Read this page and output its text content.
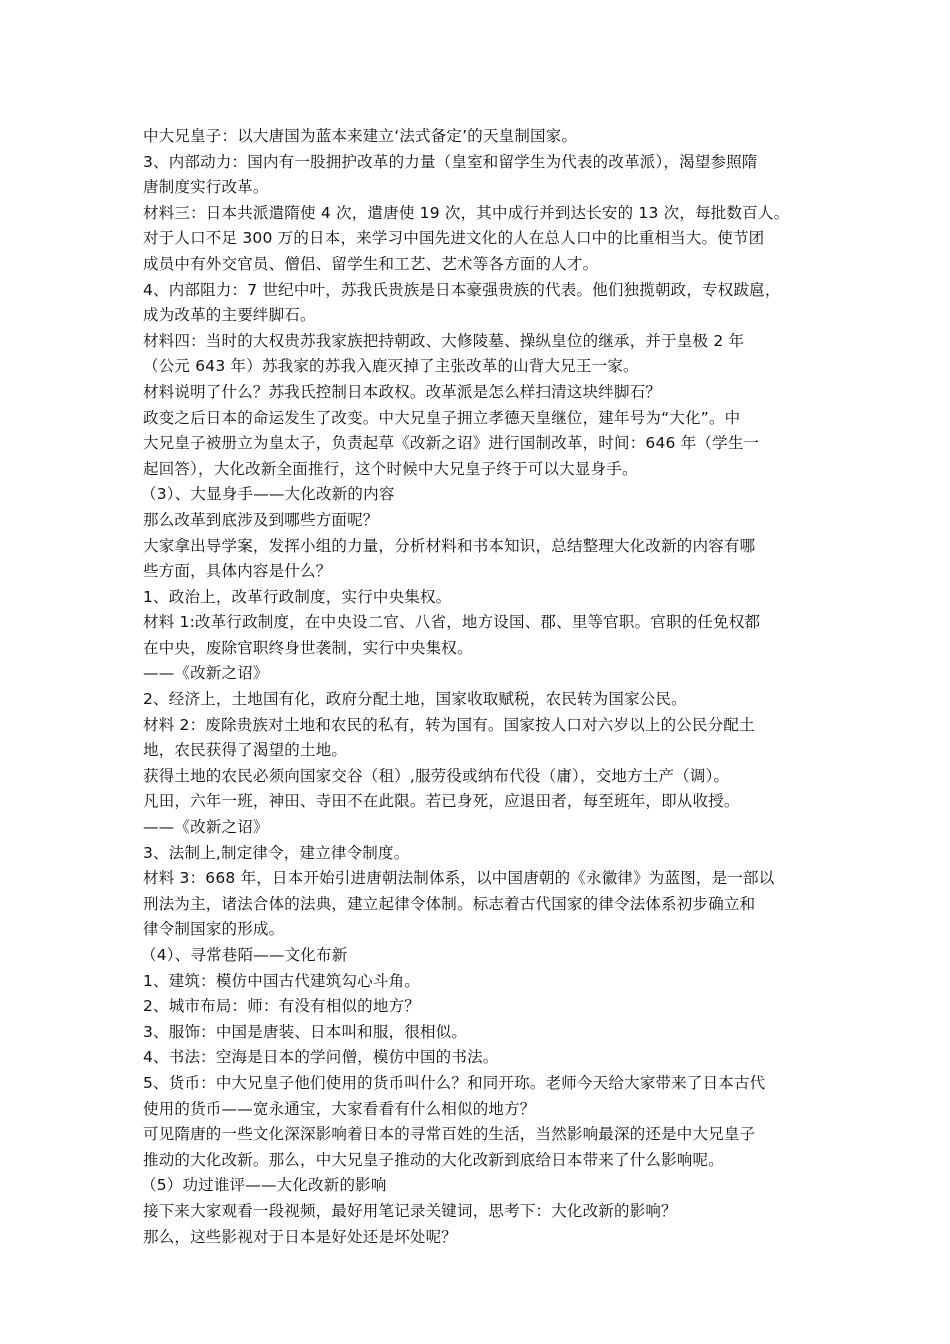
中大兄皇子：以大唐国为蓝本来建立‘法式备定’的天皇制国家。
3、内部动力：国内有一股拥护改革的力量（皇室和留学生为代表的改革派），渴望参照隋
唐制度实行改革。
材料三：日本共派遣隋使 4 次，遣唐使 19 次，其中成行并到达长安的 13 次，每批数百人。
对于人口不足 300 万的日本，来学习中国先进文化的人在总人口中的比重相当大。使节团
成员中有外交官员、僧侣、留学生和工艺、艺术等各方面的人才。
4、内部阻力：7 世纪中叶，苏我氏贵族是日本豪强贵族的代表。他们独揽朝政，专权跋扈，
成为改革的主要绊脚石。
材料四：当时的大权贵苏我家族把持朝政、大修陵墓、操纵皇位的继承，并于皇极 2 年
（公元 643 年）苏我家的苏我入鹿灭掉了主张改革的山背大兄王一家。
材料说明了什么？苏我氏控制日本政权。改革派是怎么样扫清这块绊脚石？
政变之后日本的命运发生了改变。中大兄皇子拥立孝德天皇继位，建年号为“大化”。中
大兄皇子被册立为皇太子，负责起草《改新之诏》进行国制改革，时间：646 年（学生一
起回答），大化改新全面推行，这个时候中大兄皇子终于可以大显身手。
（3）、大显身手——大化改新的内容
那么改革到底涉及到哪些方面呢？
大家拿出导学案，发挥小组的力量，分析材料和书本知识，总结整理大化改新的内容有哪
些方面，具体内容是什么？
1、政治上，改革行政制度，实行中央集权。
材料 1:改革行政制度，在中央设二官、八省，地方设国、郡、里等官职。官职的任免权都
在中央，废除官职终身世袭制，实行中央集权。
——《改新之诏》
2、经济上，土地国有化，政府分配土地，国家收取赋税，农民转为国家公民。
材料 2：废除贵族对土地和农民的私有，转为国有。国家按人口对六岁以上的公民分配土
地，农民获得了渴望的土地。
获得土地的农民必须向国家交谷（租）,服劳役或纳布代役（庸），交地方土产（调）。
凡田，六年一班，神田、寺田不在此限。若已身死，应退田者，每至班年，即从收授。
——《改新之诏》
3、法制上,制定律令，建立律令制度。
材料 3：668 年，日本开始引进唐朝法制体系，以中国唐朝的《永徽律》为蓝图，是一部以
刑法为主，诸法合体的法典，建立起律令体制。标志着古代国家的律令法体系初步确立和
律令制国家的形成。
（4）、寻常巷陌——文化布新
1、建筑：模仿中国古代建筑勾心斗角。
2、城市布局：师：有没有相似的地方？
3、服饰：中国是唐装、日本叫和服，很相似。
4、书法：空海是日本的学问僧，模仿中国的书法。
5、货币：中大兄皇子他们使用的货币叫什么？和同开珎。老师今天给大家带来了日本古代
使用的货币——宽永通宝，大家看看有什么相似的地方？
可见隋唐的一些文化深深影响着日本的寻常百姓的生活，当然影响最深的还是中大兄皇子
推动的大化改新。那么，中大兄皇子推动的大化改新到底给日本带来了什么影响呢。
（5）功过谁评——大化改新的影响
接下来大家观看一段视频，最好用笔记录关键词，思考下：大化改新的影响？
那么，这些影视对于日本是好处还是坏处呢？
